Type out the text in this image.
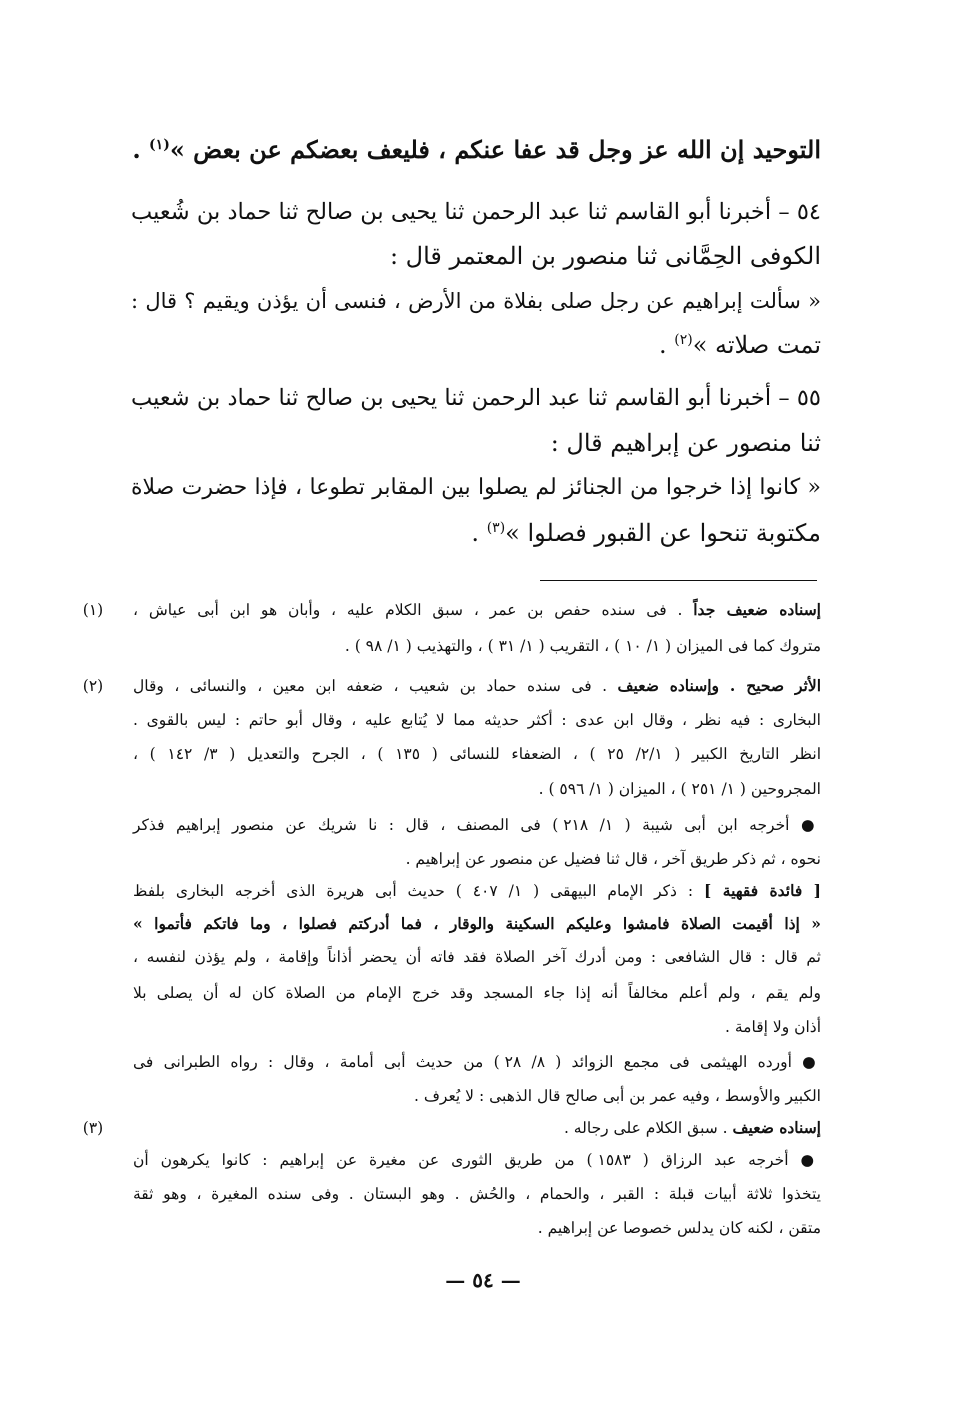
التوحيد إن الله عز وجل قد عفا عنكم ، فليعف بعضكم عن بعض »$^{(١)}$ .
٥٤ – أخبرنا أبو القاسم ثنا عبد الرحمن ثنا يحيى بن صالح ثنا حماد بن شُعيب
الكوفى الحِمَّانى ثنا منصور بن المعتمر قال :
« سألت إبراهيم عن رجل صلى بفلاة من الأرض ، فنسى أن يؤذن ويقيم ؟ قال :
تمت صلاته »$^{(٢)}$ .
٥٥ – أخبرنا أبو القاسم ثنا عبد الرحمن ثنا يحيى بن صالح ثنا حماد بن شعيب
ثنا منصور عن إبراهيم قال :
« كانوا إذا خرجوا من الجنائز لم يصلوا بين المقابر تطوعا ، فإذا حضرت صلاة
مكتوبة تنحوا عن القبور فصلوا »$^{(٣)}$ .
(١)	إسناده ضعيف جداً . فى سنده حفص بن عمر ، سبق الكلام عليه ، وأبان هو ابن أبى عياش ،
متروك كما فى الميزان ( ١/ ١٠ ) ، التقريب ( ١/ ٣١ ) ، والتهذيب ( ١/ ٩٨ ) .
(٢)	الأثر صحيح . وإسناده ضعيف . فى سنده حماد بن شعيب ، ضعفه ابن معين ، والنسائى ، وقال
البخارى : فيه نظر ، وقال ابن عدى : أكثر حديثه مما لا يُتابع عليه ، وقال أبو حاتم : ليس بالقوى .
انظر التاريخ الكبير ( ٢/١/ ٢٥ ) ، الضعفاء للنسائى ( ١٣٥ ) ، الجرح والتعديل ( ٣/ ١٤٢ ) ،
المجروحين ( ١/ ٢٥١ ) ، الميزان ( ١/ ٥٩٦ ) .
● أخرجه ابن أبى شيبة ( ١/ ٢١٨ ) فى المصنف ، قال : نا شريك عن منصور إبراهيم فذكر
نحوه ، ثم ذكر طريق آخر ، قال ثنا فضيل عن منصور عن إبراهيم .
[ فائدة فقهية ] : ذكر الإمام البيهقى ( ١/ ٤٠٧ ) حديث أبى هريرة الذى أخرجه البخارى بلفظ
« إذا أقيمت الصلاة فامشوا وعليكم السكينة والوقار ، فما أدركتم فصلوا ، وما فاتكم فأتموا »
ثم قال : قال الشافعى : ومن أدرك آخر الصلاة فقد فاته أن يحضر أذاناً وإقامة ، ولم يؤذن لنفسه ،
ولم يقم ، ولم أعلم مخالفاً أنه إذا جاء المسجد وقد خرج الإمام من الصلاة كان له أن يصلى بلا
أذان ولا إقامة .
● أورده الهيثمى فى مجمع الزوائد ( ٨/ ٢٨ ) من حديث أبى أمامة ، وقال : رواه الطبرانى فى
الكبير والأوسط ، وفيه عمر بن أبى صالح قال الذهبى : لا يُعرف .
(٣)	إسناده ضعيف . سبق الكلام على رجاله .
● أخرجه عبد الرزاق ( ١٥٨٣ ) من طريق الثورى عن مغيرة عن إبراهيم : كانوا يكرهون أن
يتخذوا ثلاثة أبيات قبلة : القبر ، والحمام ، والحُش . وهو البستان . وفى سنده المغيرة ، وهو ثقة
متقن ، لكنه كان يدلس خصوصا عن إبراهيم .
— ٥٤ —
